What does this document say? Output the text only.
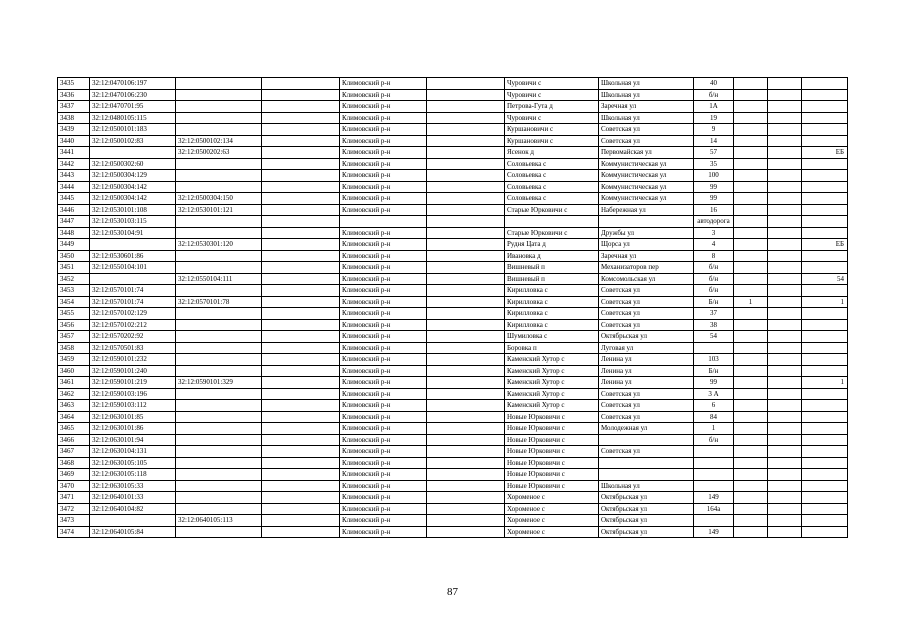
3435	32:12:0470106:197			Климовский р-н		Чуровичи с	Школьная ул	40			
3436	32:12:0470106:230			Климовский р-н		Чуровичи с	Школьная ул	б/н			
3437	32:12:0470701:95			Климовский р-н		Петрова-Гута д	Заречная ул	1А			
3438	32:12:0480105:115			Климовский р-н		Чуровичи с	Школьная ул	19			
3439	32:12:0500101:183			Климовский р-н		Куршановичи с	Советская ул	9			
3440	32:12:0500102:83	32:12:0500102:134		Климовский р-н		Куршановичи с	Советская ул	14			
3441		32:12:0500202:63		Климовский р-н		Ясенок д	Первомайская ул	57			ЕБ
3442	32:12:0500302:60			Климовский р-н		Соловьевка с	Коммунистическая ул	35			
3443	32:12:0500304:129			Климовский р-н		Соловьевка с	Коммунистическая ул	100			
3444	32:12:0500304:142			Климовский р-н		Соловьевка с	Коммунистическая ул	99			
3445	32:12:0500304:142	32:12:0500304:150		Климовский р-н		Соловьевка с	Коммунистическая ул	99			
3446	32:12:0530101:108	32:12:0530101:121		Климовский р-н		Старые Юрковичи с	Набережная ул	16			
3447	32:12:0530103:115							автодорога			
3448	32:12:0530104:91			Климовский р-н		Старые Юрковичи с	Дружбы ул	3			
3449		32:12:0530301:120		Климовский р-н		Рудня Цата д	Щорса ул	4			ЕБ
3450	32:12:0530601:86			Климовский р-н		Ивановка д	Заречная ул	8			
3451	32:12:0550104:101			Климовский р-н		Вишневый п	Механизаторов пер	б/н			
3452		32:12:0550104:111		Климовский р-н		Вишневый п	Комсомольская ул	б/н			54
3453	32:12:0570101:74			Климовский р-н		Кирилловка с	Советская ул	б/н			
3454	32:12:0570101:74	32:12:0570101:78		Климовский р-н		Кирилловка с	Советская ул	Б/н	1		1
3455	32:12:0570102:129			Климовский р-н		Кирилловка с	Советская ул	37			
3456	32:12:0570102:212			Климовский р-н		Кирилловка с	Советская ул	38			
3457	32:12:0570202:92			Климовский р-н		Шумиловка с	Октябрьская ул	54			
3458	32:12:0570501:83			Климовский р-н		Боровка п	Луговая ул				
3459	32:12:0590101:232			Климовский р-н		Каменский Хутор с	Ленина ул	103			
3460	32:12:0590101:240			Климовский р-н		Каменский Хутор с	Ленина ул	Б/н			
3461	32:12:0590101:219	32:12:0590101:329		Климовский р-н		Каменский Хутор с	Ленина ул	99			1
3462	32:12:0590103:196			Климовский р-н		Каменский Хутор с	Советская ул	3 А			
3463	32:12:0590103:112			Климовский р-н		Каменский Хутор с	Советская ул	6			
3464	32:12:0630101:85			Климовский р-н		Новые Юрковичи с	Советская ул	84			
3465	32:12:0630101:86			Климовский р-н		Новые Юрковичи с	Молодежная ул	1			
3466	32:12:0630101:94			Климовский р-н		Новые Юрковичи с		б/н			
3467	32:12:0630104:131			Климовский р-н		Новые Юрковичи с	Советская ул				
3468	32:12:0630105:105			Климовский р-н		Новые Юрковичи с					
3469	32:12:0630105:118			Климовский р-н		Новые Юрковичи с					
3470	32:12:0630105:33			Климовский р-н		Новые Юрковичи с	Школьная ул				
3471	32:12:0640101:33			Климовский р-н		Хороменое с	Октябрьская ул	149			
3472	32:12:0640104:82			Климовский р-н		Хороменое с	Октябрьская ул	164а			
3473		32:12:0640105:113		Климовский р-н		Хороменое с	Октябрьская ул				
3474	32:12:0640105:84			Климовский р-н		Хороменое с	Октябрьская ул	149			
87
